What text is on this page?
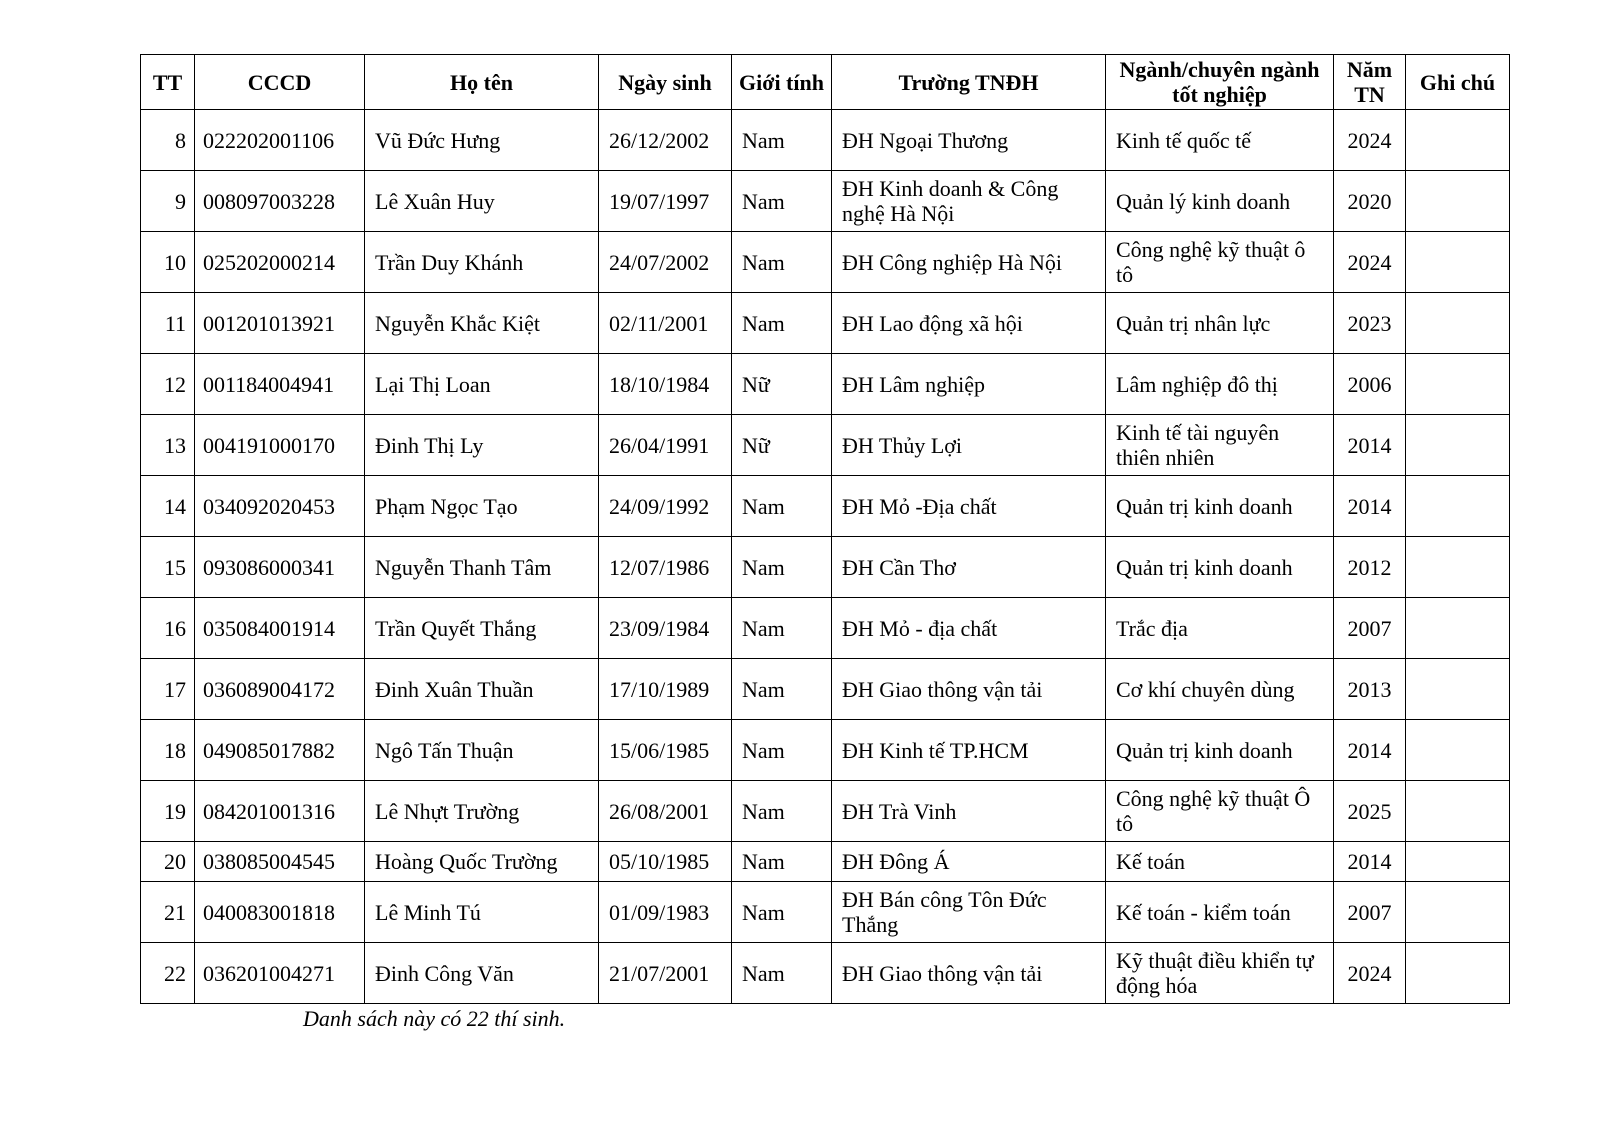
TT	CCCD	Họ tên	Ngày sinh	Giới tính	Trường TNĐH	Ngành/chuyên ngành tốt nghiệp	Năm TN	Ghi chú
8	022202001106	Vũ Đức Hưng	26/12/2002	Nam	ĐH Ngoại Thương	Kinh tế quốc tế	2024	
9	008097003228	Lê Xuân Huy	19/07/1997	Nam	ĐH Kinh doanh & Công nghệ Hà Nội	Quản lý kinh doanh	2020	
10	025202000214	Trần Duy Khánh	24/07/2002	Nam	ĐH Công nghiệp Hà Nội	Công nghệ kỹ thuật ô tô	2024	
11	001201013921	Nguyễn Khắc Kiệt	02/11/2001	Nam	ĐH Lao động xã hội	Quản trị nhân lực	2023	
12	001184004941	Lại Thị Loan	18/10/1984	Nữ	ĐH Lâm nghiệp	Lâm nghiệp đô thị	2006	
13	004191000170	Đinh Thị Ly	26/04/1991	Nữ	ĐH Thủy Lợi	Kinh tế tài nguyên thiên nhiên	2014	
14	034092020453	Phạm Ngọc Tạo	24/09/1992	Nam	ĐH Mỏ -Địa chất	Quản trị kinh doanh	2014	
15	093086000341	Nguyễn Thanh Tâm	12/07/1986	Nam	ĐH Cần Thơ	Quản trị kinh doanh	2012	
16	035084001914	Trần Quyết Thắng	23/09/1984	Nam	ĐH Mỏ - địa chất	Trắc địa	2007	
17	036089004172	Đinh Xuân Thuần	17/10/1989	Nam	ĐH Giao thông vận tải	Cơ khí chuyên dùng	2013	
18	049085017882	Ngô Tấn Thuận	15/06/1985	Nam	ĐH Kinh tế TP.HCM	Quản trị kinh doanh	2014	
19	084201001316	Lê Nhựt Trường	26/08/2001	Nam	ĐH Trà Vinh	Công nghệ kỹ thuật Ô tô	2025	
20	038085004545	Hoàng Quốc Trường	05/10/1985	Nam	ĐH Đông Á	Kế toán	2014	
21	040083001818	Lê Minh Tú	01/09/1983	Nam	ĐH Bán công Tôn Đức Thắng	Kế toán - kiểm toán	2007	
22	036201004271	Đinh Công Văn	21/07/2001	Nam	ĐH Giao thông vận tải	Kỹ thuật điều khiển tự động hóa	2024	
Danh sách này có 22 thí sinh.
